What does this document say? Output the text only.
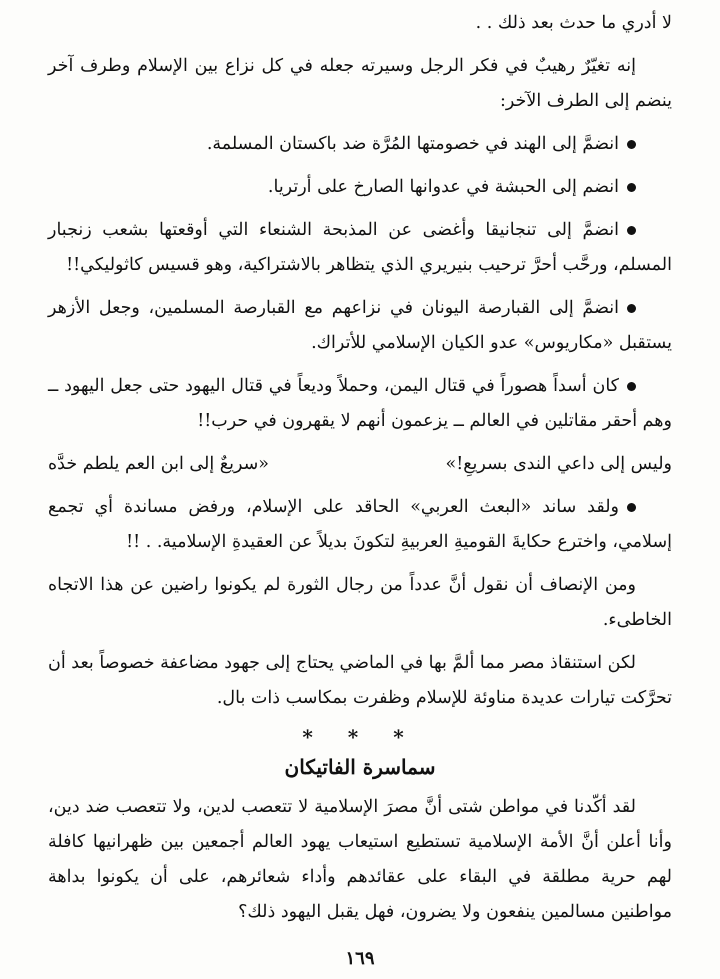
لا أدري ما حدث بعد ذلك . .

إنه تغيّرٌ رهيبٌ في فكر الرجل وسيرته جعله في كل نزاع بين الإسلام وطرف آخر ينضم إلى الطرف الآخر:

انضمَّ إلى الهند في خصومتها المُرَّة ضد باكستان المسلمة.

انضم إلى الحبشة في عدوانها الصارخ على أرتريا.

انضمَّ إلى تنجانيقا وأغضى عن المذبحة الشنعاء التي أوقعتها بشعب زنجبار المسلم، ورحَّب أحرَّ ترحيب بنيريري الذي يتظاهر بالاشتراكية، وهو قسيس كاثوليكي!!

انضمَّ إلى القبارصة اليونان في نزاعهم مع القبارصة المسلمين، وجعل الأزهر يستقبل «مكاريوس» عدو الكيان الإسلامي للأتراك.

كان أسداً هصوراً في قتال اليمن، وحملاً وديعاً في قتال اليهود حتى جعل اليهود ــ وهم أحقر مقاتلين في العالم ــ يزعمون أنهم لا يقهرون في حرب!!

وليس إلى داعي الندى بسريعِ!»
«سريعٌ إلى ابن العم يلطم خدَّه

ولقد ساند «البعث العربي» الحاقد على الإسلام، ورفض مساندة أي تجمع إسلامي، واخترع حكايةَ القوميةِ العربيةِ لتكونَ بديلاً عن العقيدةِ الإسلامية. . !!

ومن الإنصاف أن نقول أنَّ عدداً من رجال الثورة لم يكونوا راضين عن هذا الاتجاه الخاطىء.

لكن استنقاذ مصر مما ألمَّ بها في الماضي يحتاج إلى جهود مضاعفة خصوصاً بعد أن تحرَّكت تيارات عديدة مناوئة للإسلام وظفرت بمكاسب ذات بال.

* * *
سماسرة الفاتيكان

لقد أكّدنا في مواطن شتى أنَّ مصرَ الإسلامية لا تتعصب لدين، ولا تتعصب ضد دين، وأنا أعلن أنَّ الأمة الإسلامية تستطيع استيعاب يهود العالم أجمعين بين ظهرانيها كافلة لهم حرية مطلقة في البقاء على عقائدهم وأداء شعائرهم، على أن يكونوا بداهة مواطنين مسالمين ينفعون ولا يضرون، فهل يقبل اليهود ذلك؟

١٦٩
